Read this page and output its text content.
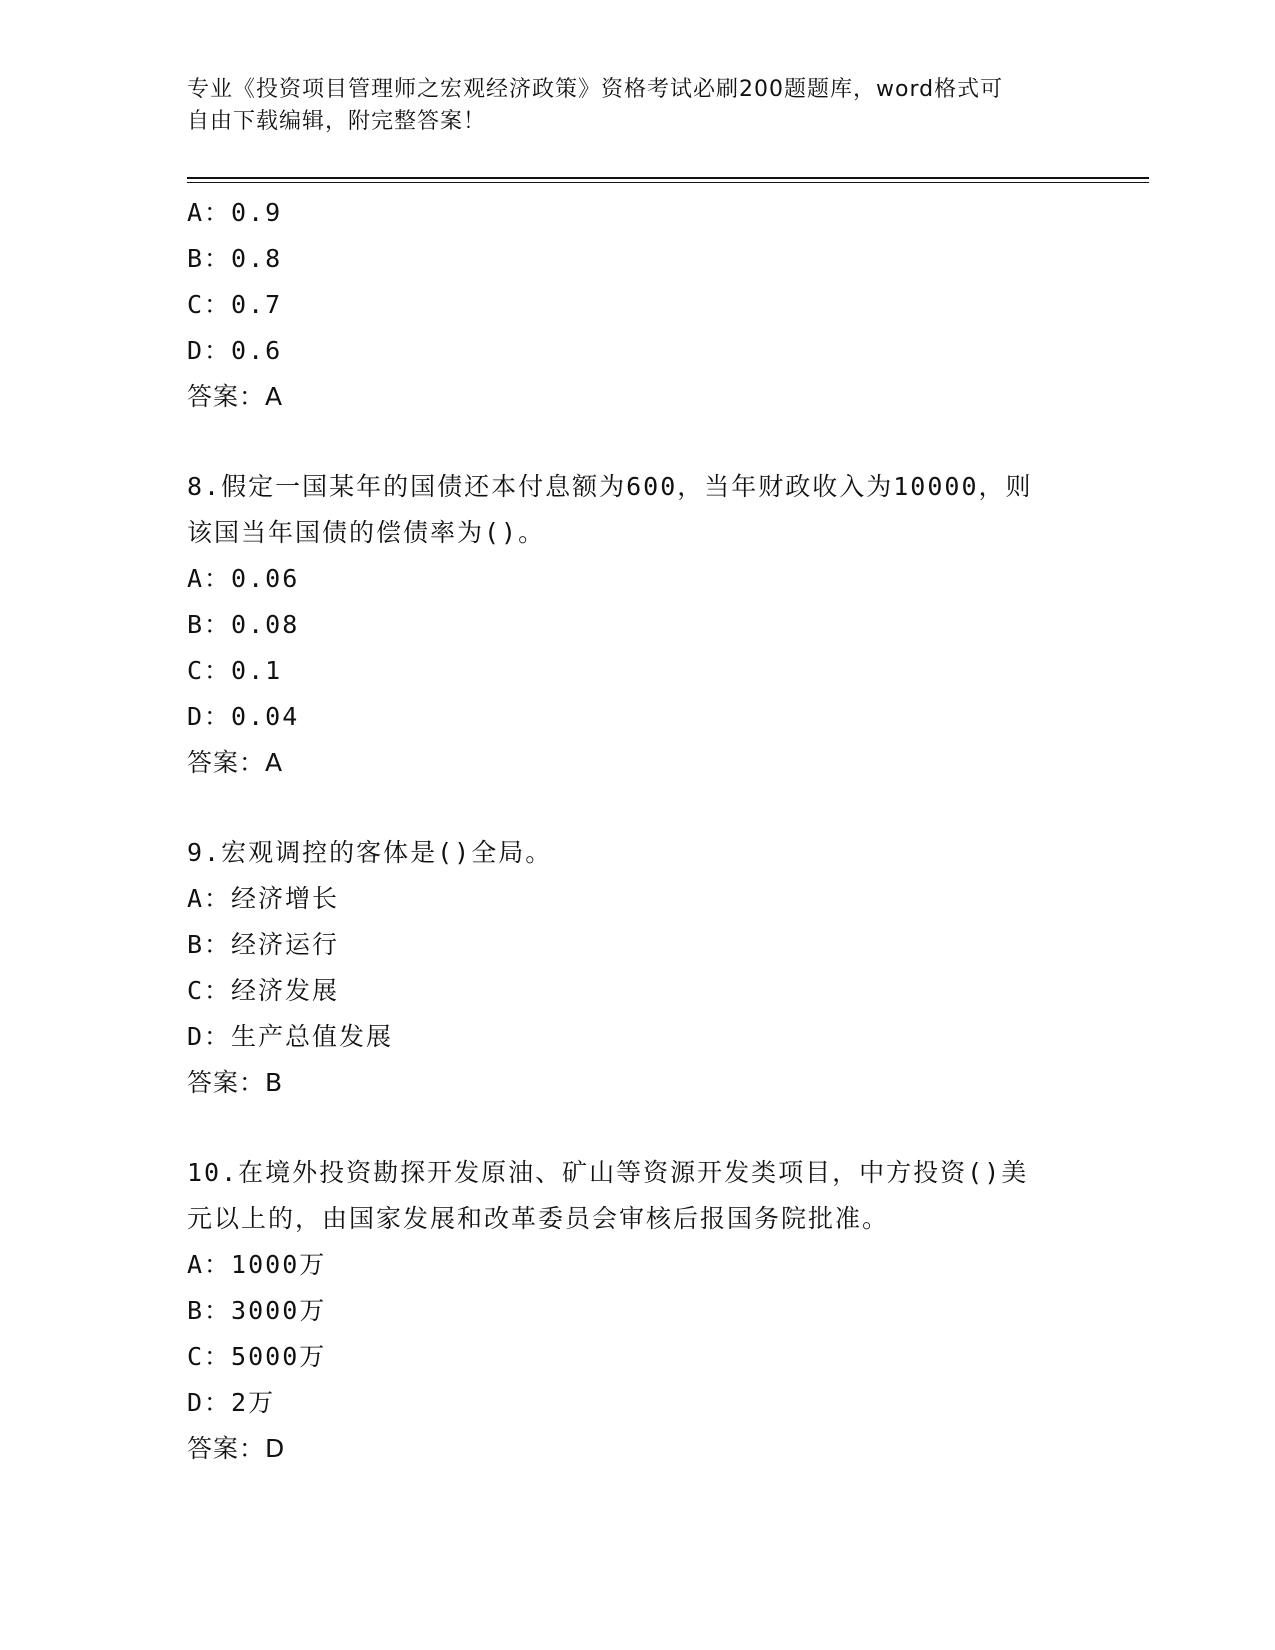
专业《投资项目管理师之宏观经济政策》资格考试必刷200题题库，word格式可
自由下载编辑，附完整答案！
A：0.9
B：0.8
C：0.7
D：0.6
答案：A
8.假定一国某年的国债还本付息额为600，当年财政收入为10000，则
该国当年国债的偿债率为()。
A：0.06
B：0.08
C：0.1
D：0.04
答案：A
9.宏观调控的客体是()全局。
A：经济增长
B：经济运行
C：经济发展
D：生产总值发展
答案：B
10.在境外投资勘探开发原油、矿山等资源开发类项目，中方投资()美
元以上的，由国家发展和改革委员会审核后报国务院批准。
A：1000万
B：3000万
C：5000万
D：2万
答案：D
